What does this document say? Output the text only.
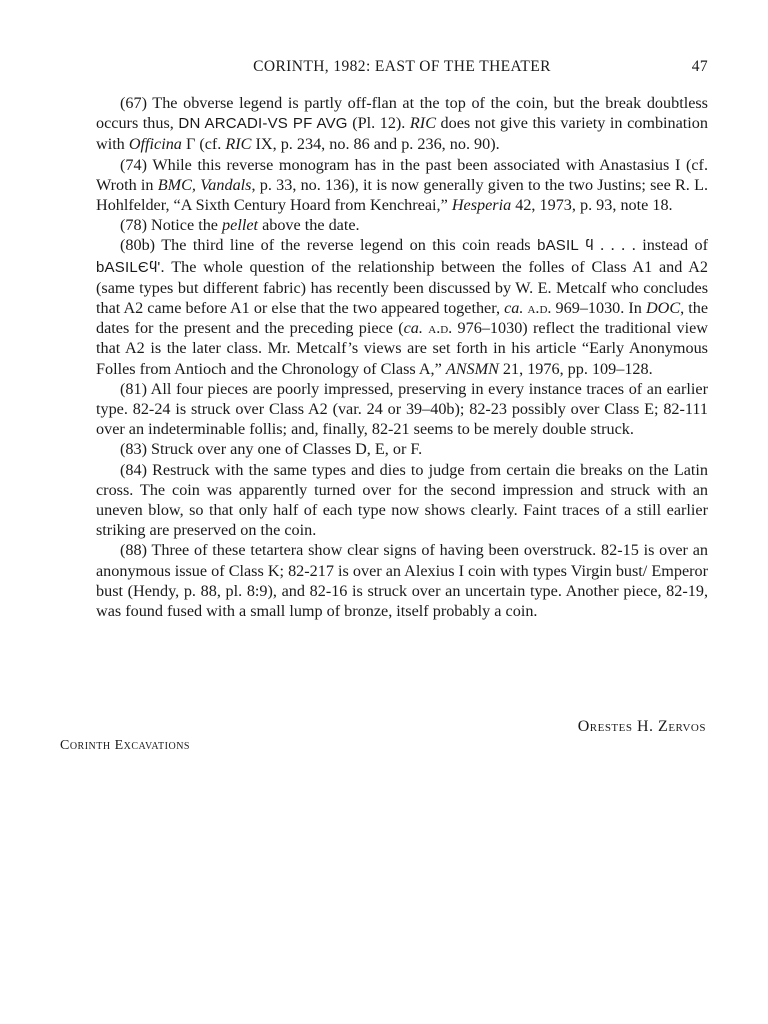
CORINTH, 1982: EAST OF THE THEATER	47

(67) The obverse legend is partly off-flan at the top of the coin, but the break doubtless occurs thus, DN ARCADI-VS PF AVG (Pl. 12). RIC does not give this variety in combination with Officina Γ (cf. RIC IX, p. 234, no. 86 and p. 236, no. 90).

(74) While this reverse monogram has in the past been associated with Anastasius I (cf. Wroth in BMC, Vandals, p. 33, no. 136), it is now generally given to the two Justins; see R. L. Hohlfelder, “A Sixth Century Hoard from Kenchreai,” Hesperia 42, 1973, p. 93, note 18.

(78) Notice the pellet above the date.

(80b) The third line of the reverse legend on this coin reads bASIL ϥ . . . . instead of bASILЄϥ'. The whole question of the relationship between the folles of Class A1 and A2 (same types but different fabric) has recently been discussed by W. E. Metcalf who concludes that A2 came before A1 or else that the two appeared together, ca. a.d. 969–1030. In DOC, the dates for the present and the preceding piece (ca. a.d. 976–1030) reflect the traditional view that A2 is the later class. Mr. Metcalf’s views are set forth in his article “Early Anonymous Folles from Antioch and the Chronology of Class A,” ANSMN 21, 1976, pp. 109–128.

(81) All four pieces are poorly impressed, preserving in every instance traces of an earlier type. 82-24 is struck over Class A2 (var. 24 or 39–40b); 82-23 possibly over Class E; 82-111 over an indeterminable follis; and, finally, 82-21 seems to be merely double struck.

(83) Struck over any one of Classes D, E, or F.

(84) Restruck with the same types and dies to judge from certain die breaks on the Latin cross. The coin was apparently turned over for the second impression and struck with an uneven blow, so that only half of each type now shows clearly. Faint traces of a still earlier striking are preserved on the coin.

(88) Three of these tetartera show clear signs of having been overstruck. 82-15 is over an anonymous issue of Class K; 82-217 is over an Alexius I coin with types Virgin bust/ Emperor bust (Hendy, p. 88, pl. 8:9), and 82-16 is struck over an uncertain type. Another piece, 82-19, was found fused with a small lump of bronze, itself probably a coin.

Orestes H. Zervos
Corinth Excavations
